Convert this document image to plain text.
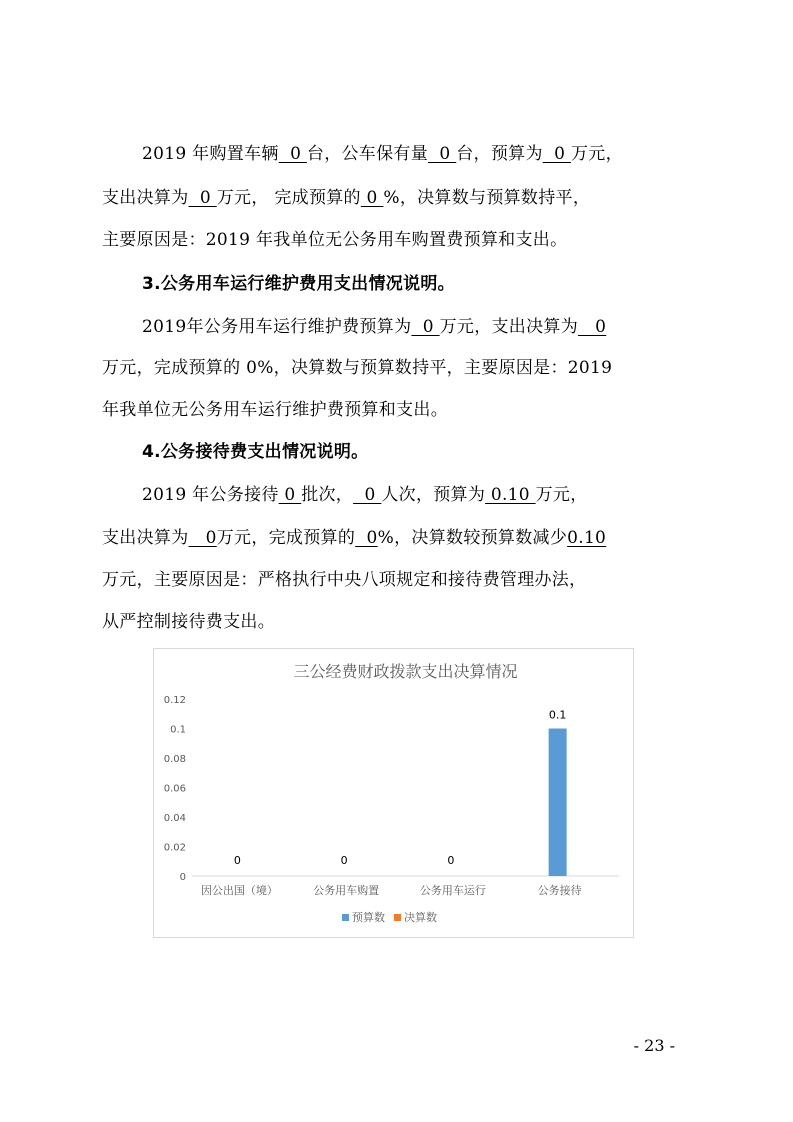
2019 年购置车辆  0 台，公车保有量  0 台，预算为  0 万元，
支出决算为  0 万元， 完成预算的 0 %，决算数与预算数持平，
主要原因是：2019 年我单位无公务用车购置费预算和支出。
3.公务用车运行维护费用支出情况说明。
2019年公务用车运行维护费预算为  0 万元，支出决算为   0
万元，完成预算的 0%，决算数与预算数持平，主要原因是：2019
年我单位无公务用车运行维护费预算和支出。
4.公务接待费支出情况说明。
2019 年公务接待 0 批次，  0 人次，预算为 0.10 万元，
支出决算为   0万元，完成预算的  0%，决算数较预算数减少0.10
万元，主要原因是：严格执行中央八项规定和接待费管理办法，
从严控制接待费支出。
三公经费财政拨款支出决算情况
0
0.02
0.04
0.06
0.08
0.1
0.12
0
因公出国（境）
0
公务用车购置
0
公务用车运行
0.1
公务接待
预算数 决算数
- 23 -
